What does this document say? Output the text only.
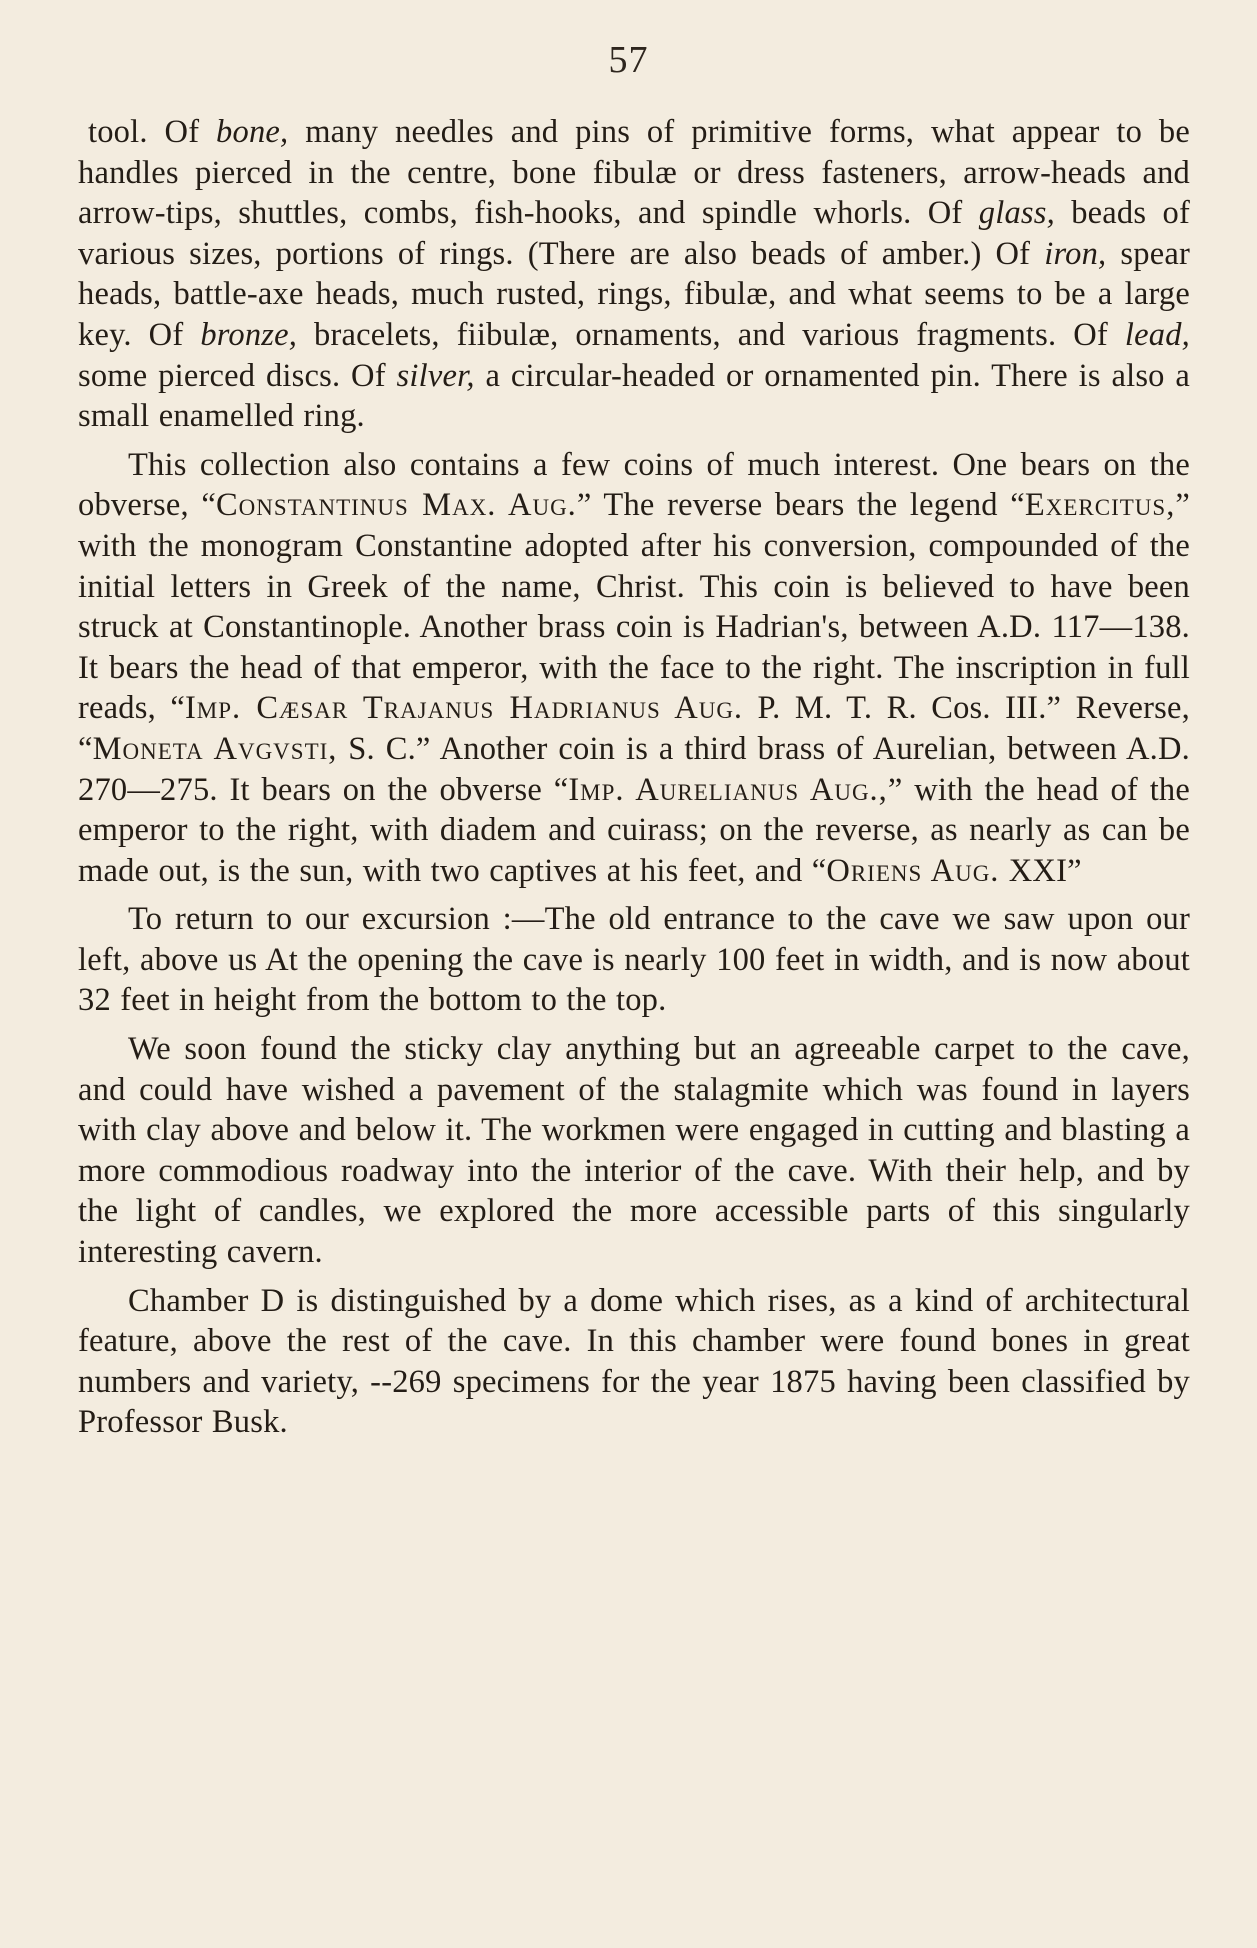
57

tool. Of bone, many needles and pins of primitive forms, what appear to be handles pierced in the centre, bone fibulæ or dress fasteners, arrow-heads and arrow-tips, shuttles, combs, fish-hooks, and spindle whorls. Of glass, beads of various sizes, portions of rings. (There are also beads of amber.) Of iron, spear heads, battle-axe heads, much rusted, rings, fibulæ, and what seems to be a large key. Of bronze, bracelets, fiibulæ, ornaments, and various fragments. Of lead, some pierced discs. Of silver, a circular-headed or ornamented pin. There is also a small enamelled ring.

This collection also contains a few coins of much interest. One bears on the obverse, “Constantinus Max. Aug.” The reverse bears the legend “Exercitus,” with the monogram Constantine adopted after his conversion, compounded of the initial letters in Greek of the name, Christ. This coin is believed to have been struck at Constantinople. Another brass coin is Hadrian's, between A.D. 117—138. It bears the head of that emperor, with the face to the right. The inscription in full reads, “Imp. Cæsar Trajanus Hadrianus Aug. P. M. T. R. Cos. III.” Reverse, “Moneta Avgvsti, S. C.” Another coin is a third brass of Aurelian, between A.D. 270—275. It bears on the obverse “Imp. Aurelianus Aug.,” with the head of the emperor to the right, with diadem and cuirass; on the reverse, as nearly as can be made out, is the sun, with two captives at his feet, and “Oriens Aug. XXI”

To return to our excursion :—The old entrance to the cave we saw upon our left, above us At the opening the cave is nearly 100 feet in width, and is now about 32 feet in height from the bottom to the top.

We soon found the sticky clay anything but an agreeable carpet to the cave, and could have wished a pavement of the stalagmite which was found in layers with clay above and below it. The workmen were engaged in cutting and blasting a more commodious roadway into the interior of the cave. With their help, and by the light of candles, we explored the more accessible parts of this singularly interesting cavern.

Chamber D is distinguished by a dome which rises, as a kind of architectural feature, above the rest of the cave. In this chamber were found bones in great numbers and variety, --269 specimens for the year 1875 having been classified by Professor Busk.
